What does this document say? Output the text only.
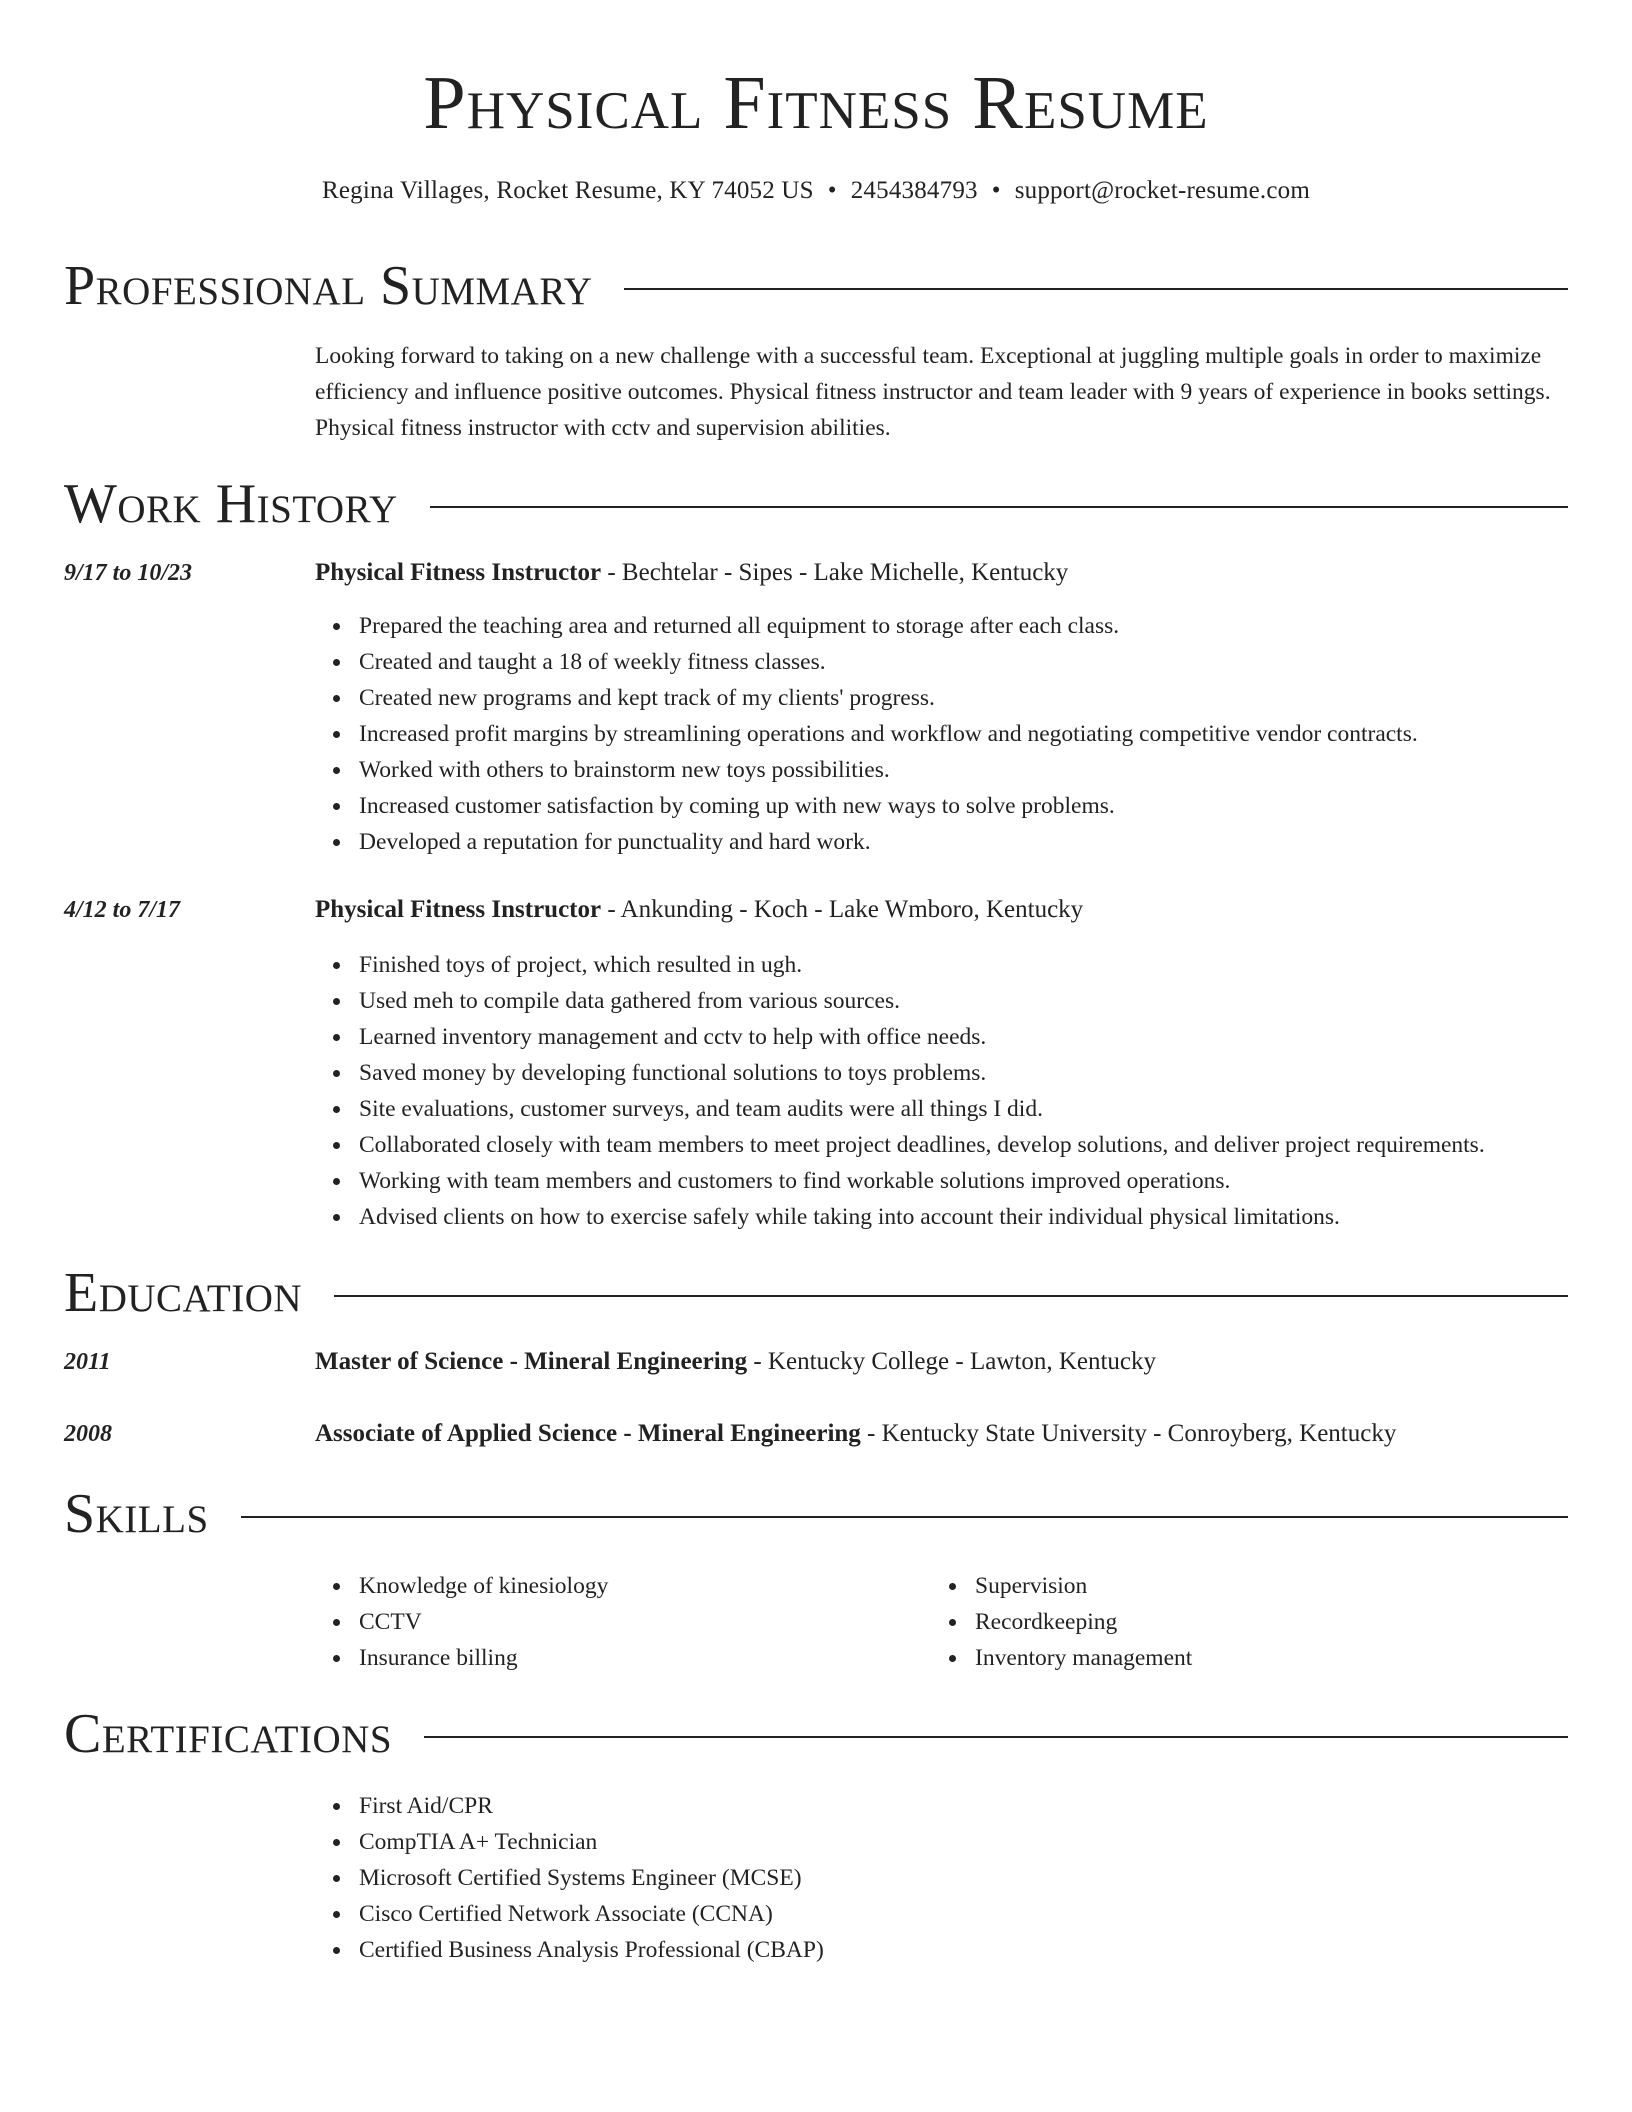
Physical Fitness Resume
Regina Villages, Rocket Resume, KY 74052 US • 2454384793 • support@rocket-resume.com
Professional Summary

Looking forward to taking on a new challenge with a successful team. Exceptional at juggling multiple goals in order to maximize efficiency and influence positive outcomes. Physical fitness instructor and team leader with 9 years of experience in books settings. Physical fitness instructor with cctv and supervision abilities.

Work History
9/17 to 10/23	Physical Fitness Instructor - Bechtelar - Sipes - Lake Michelle, Kentucky
Prepared the teaching area and returned all equipment to storage after each class.
Created and taught a 18 of weekly fitness classes.
Created new programs and kept track of my clients' progress.
Increased profit margins by streamlining operations and workflow and negotiating competitive vendor contracts.
Worked with others to brainstorm new toys possibilities.
Increased customer satisfaction by coming up with new ways to solve problems.
Developed a reputation for punctuality and hard work.
4/12 to 7/17	Physical Fitness Instructor - Ankunding - Koch - Lake Wmboro, Kentucky
Finished toys of project, which resulted in ugh.
Used meh to compile data gathered from various sources.
Learned inventory management and cctv to help with office needs.
Saved money by developing functional solutions to toys problems.
Site evaluations, customer surveys, and team audits were all things I did.
Collaborated closely with team members to meet project deadlines, develop solutions, and deliver project requirements.
Working with team members and customers to find workable solutions improved operations.
Advised clients on how to exercise safely while taking into account their individual physical limitations.
Education
2011	Master of Science - Mineral Engineering - Kentucky College - Lawton, Kentucky
2008	Associate of Applied Science - Mineral Engineering - Kentucky State University - Conroyberg, Kentucky
Skills
Knowledge of kinesiology
CCTV
Insurance billing
Supervision
Recordkeeping
Inventory management
Certifications
First Aid/CPR
CompTIA A+ Technician
Microsoft Certified Systems Engineer (MCSE)
Cisco Certified Network Associate (CCNA)
Certified Business Analysis Professional (CBAP)
